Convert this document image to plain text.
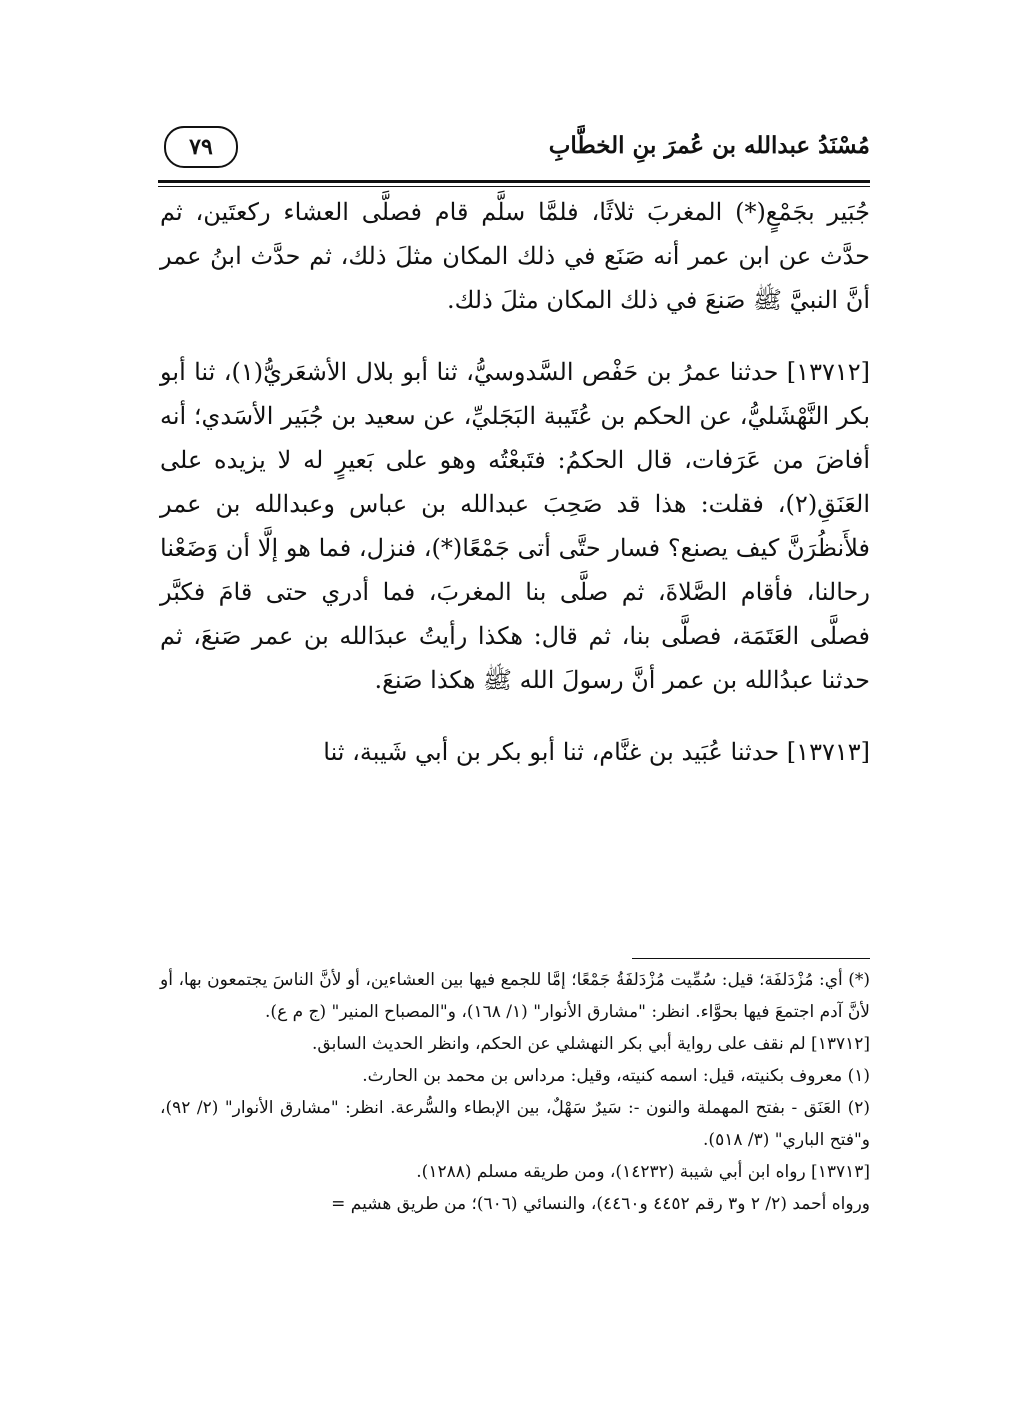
مُسْنَدُ عبدالله بن عُمرَ بنِ الخطَّابِ
٧٩

جُبَير بجَمْعٍ(*) المغربَ ثلاثًا، فلمَّا سلَّم قام فصلَّى العشاء ركعتَين، ثم حدَّث عن ابن عمر أنه صَنَع في ذلك المكان مثلَ ذلك، ثم حدَّث ابنُ عمر أنَّ النبيَّ ﷺ صَنعَ في ذلك المكان مثلَ ذلك.

[١٣٧١٢] حدثنا عمرُ بن حَفْص السَّدوسيُّ، ثنا أبو بلال الأشعَريُّ(١)، ثنا أبو بكر النَّهْشَليُّ، عن الحكم بن عُتَيبة البَجَليِّ، عن سعيد بن جُبَير الأسَدي؛ أنه أفاضَ من عَرَفات، قال الحكمُ: فتَبعْتُه وهو على بَعيرٍ له لا يزيده على العَنَقِ(٢)، فقلت: هذا قد صَحِبَ عبدالله بن عباس وعبدالله بن عمر فلأَنظُرَنَّ كيف يصنع؟ فسار حتَّى أتى جَمْعًا(*)، فنزل، فما هو إلَّا أن وَضَعْنا رحالنا، فأقام الصَّلاةَ، ثم صلَّى بنا المغربَ، فما أدري حتى قامَ فكبَّر فصلَّى العَتَمَة، فصلَّى بنا، ثم قال: هكذا رأيتُ عبدَالله بن عمر صَنعَ، ثم حدثنا عبدُالله بن عمر أنَّ رسولَ الله ﷺ هكذا صَنعَ.

[١٣٧١٣] حدثنا عُبَيد بن غنَّام، ثنا أبو بكر بن أبي شَيبة، ثنا

(*) أي: مُزْدَلفَة؛ قيل: سُمِّيت مُزْدَلفَةُ جَمْعًا؛ إمَّا للجمع فيها بين العشاءين، أو لأنَّ الناسَ يجتمعون بها، أو لأنَّ آدم اجتمعَ فيها بحوَّاء. انظر: "مشارق الأنوار" (١/ ١٦٨)، و"المصباح المنير" (ج م ع).

[١٣٧١٢] لم نقف على رواية أبي بكر النهشلي عن الحكم، وانظر الحديث السابق.

(١) معروف بكنيته، قيل: اسمه كنيته، وقيل: مرداس بن محمد بن الحارث.

(٢) العَنَق - بفتح المهملة والنون -: سَيرٌ سَهْلٌ، بين الإبطاء والسُّرعة. انظر: "مشارق الأنوار" (٢/ ٩٢)، و"فتح الباري" (٣/ ٥١٨).

[١٣٧١٣] رواه ابن أبي شيبة (١٤٢٣٢)، ومن طريقه مسلم (١٢٨٨).

ورواه أحمد (٢/ ٢ و٣ رقم ٤٤٥٢ و٤٤٦٠)، والنسائي (٦٠٦)؛ من طريق هشيم =
